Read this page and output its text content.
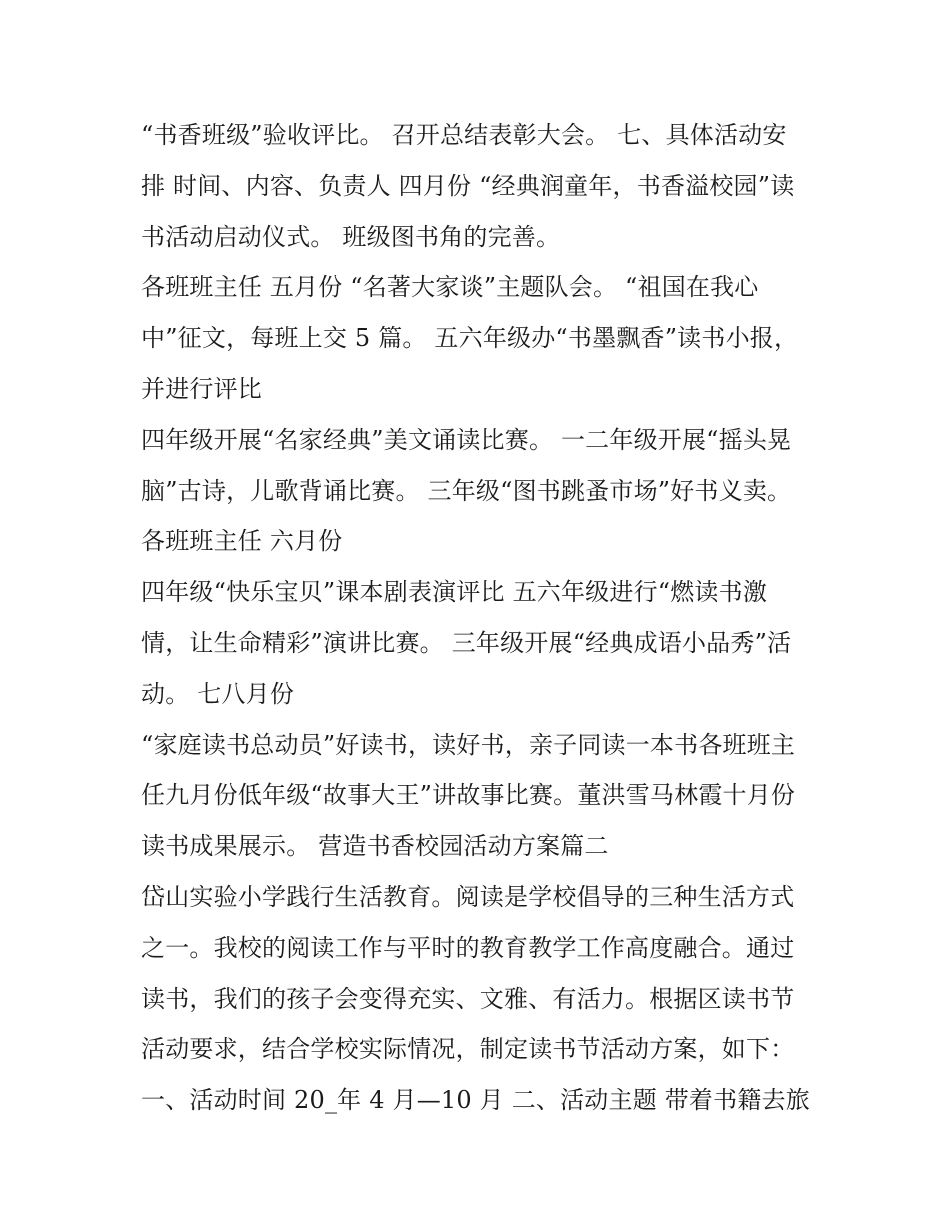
“书香班级”验收评比。 召开总结表彰大会。 七、具体活动安
排 时间、内容、负责人 四月份 “经典润童年，书香溢校园”读
书活动启动仪式。 班级图书角的完善。
各班班主任 五月份 “名著大家谈”主题队会。 “祖国在我心
中”征文，每班上交 5 篇。 五六年级办“书墨飘香”读书小报，
并进行评比
四年级开展“名家经典”美文诵读比赛。 一二年级开展“摇头晃
脑”古诗，儿歌背诵比赛。 三年级“图书跳蚤市场”好书义卖。
各班班主任 六月份
四年级“快乐宝贝”课本剧表演评比 五六年级进行“燃读书激
情，让生命精彩”演讲比赛。 三年级开展“经典成语小品秀”活
动。 七八月份
“家庭读书总动员”好读书，读好书，亲子同读一本书各班班主
任九月份低年级“故事大王”讲故事比赛。董洪雪马林霞十月份
读书成果展示。 营造书香校园活动方案篇二
岱山实验小学践行生活教育。阅读是学校倡导的三种生活方式
之一。我校的阅读工作与平时的教育教学工作高度融合。通过
读书，我们的孩子会变得充实、文雅、有活力。根据区读书节
活动要求，结合学校实际情况，制定读书节活动方案，如下：
一、活动时间 20_年 4 月—10 月 二、活动主题 带着书籍去旅
